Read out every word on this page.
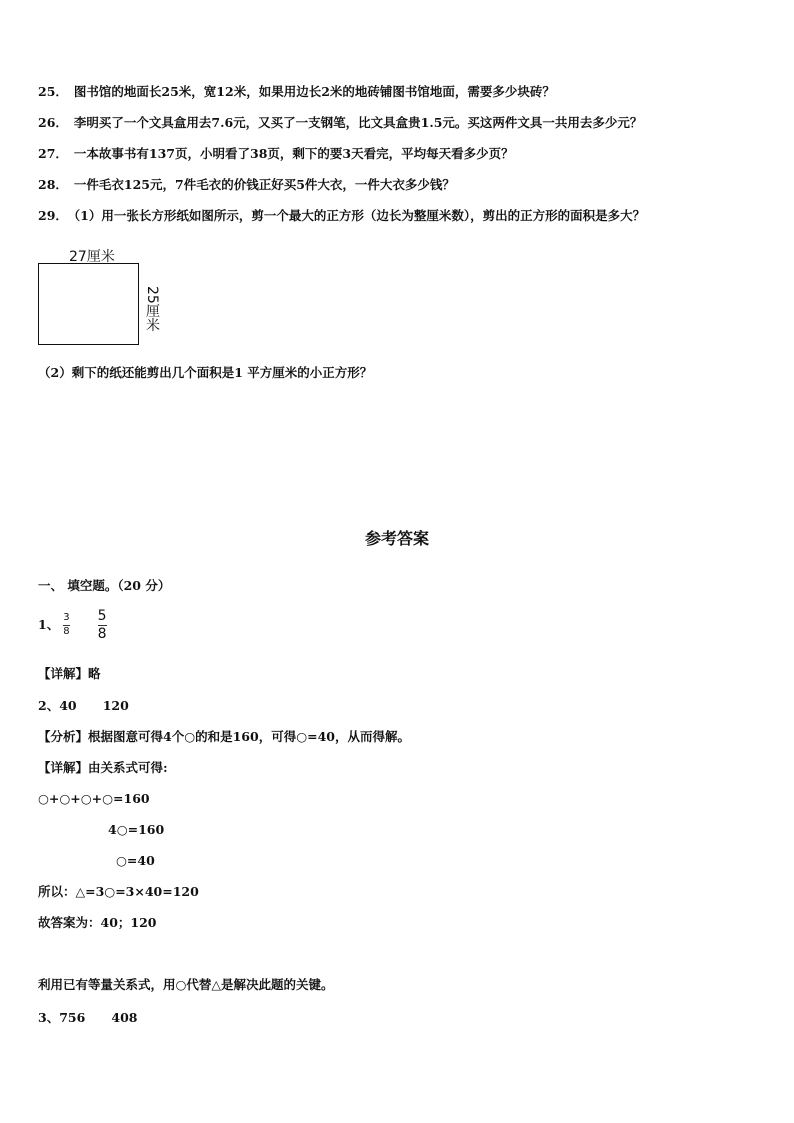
25． 图书馆的地面长25米，宽12米，如果用边长2米的地砖铺图书馆地面，需要多少块砖？
26． 李明买了一个文具盒用去7.6元，又买了一支钢笔，比文具盒贵1.5元。买这两件文具一共用去多少元？
27． 一本故事书有137页，小明看了38页，剩下的要3天看完，平均每天看多少页？
28． 一件毛衣125元，7件毛衣的价钱正好买5件大衣，一件大衣多少钱？
29． （1）用一张长方形纸如图所示，剪一个最大的正方形（边长为整厘米数），剪出的正方形的面积是多大？
27厘米
25厘米
（2）剩下的纸还能剪出几个面积是1 平方厘米的小正方形？
参考答案
一、 填空题。（20 分）
1、 $\frac{3}{8} \frac{5}{8}$
【详解】略
2、40      120
【分析】根据图意可得4个○的和是160，可得○=40，从而得解。
【详解】由关系式可得:
○+○+○+○=160
4○=160
○=40
所以：△=3○=3×40=120
故答案为：40；120
利用已有等量关系式，用○代替△是解决此题的关键。
3、756      408
